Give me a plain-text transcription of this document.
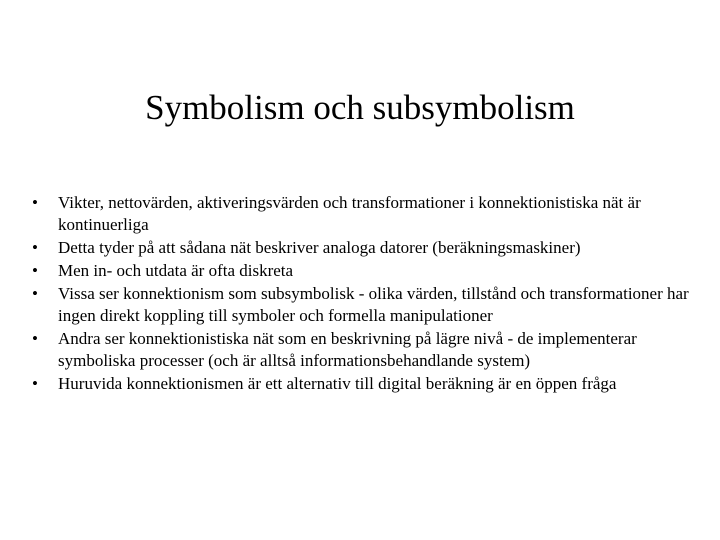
Symbolism och subsymbolism
• Vikter, nettovärden, aktiveringsvärden och transformationer i konnektionistiska nät är kontinuerliga
• Detta tyder på att sådana nät beskriver analoga datorer (beräkningsmaskiner)
• Men in- och utdata är ofta diskreta
• Vissa ser konnektionism som subsymbolisk - olika värden, tillstånd och transformationer har ingen direkt koppling till symboler och formella manipulationer
• Andra ser konnektionistiska nät som en beskrivning på lägre nivå - de implementerar symboliska processer (och är alltså informationsbehandlande system)
• Huruvida konnektionismen är ett alternativ till digital beräkning är en öppen fråga
